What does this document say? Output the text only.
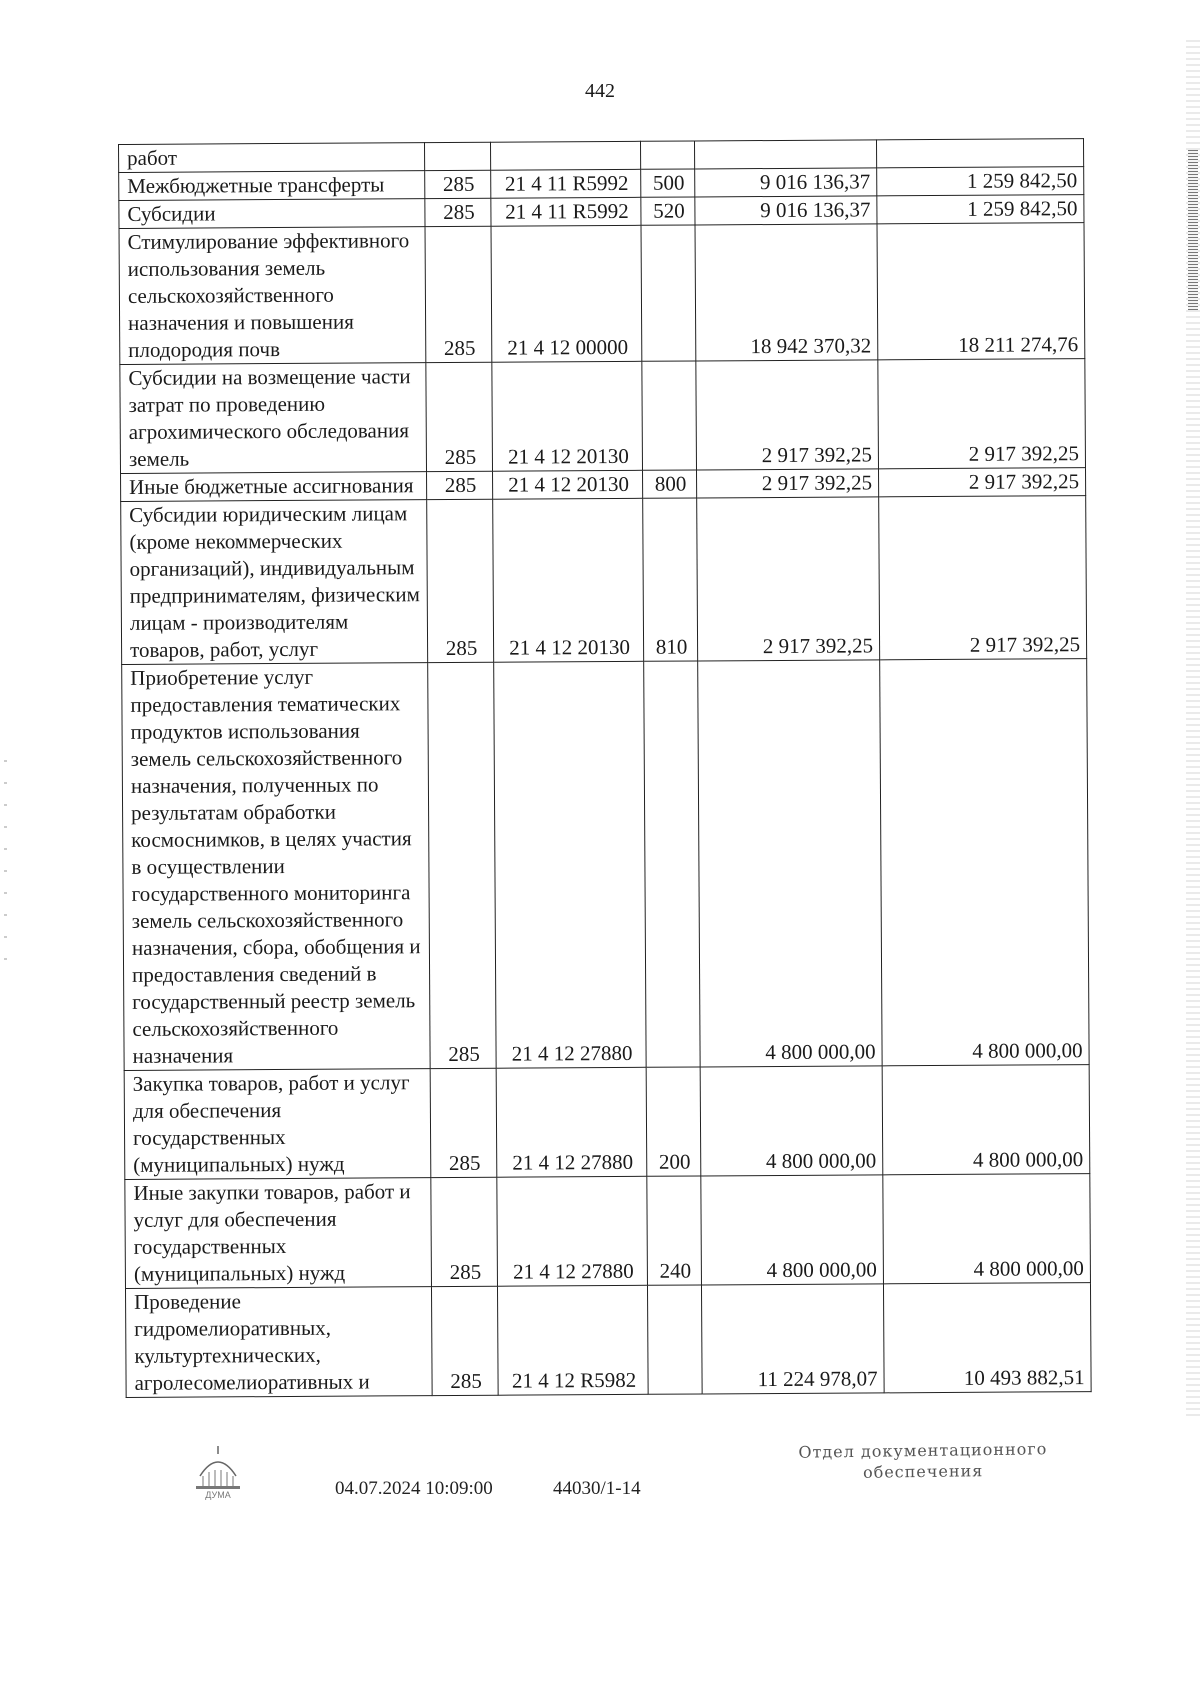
442
работ					

Межбюджетные трансферты	285	21 4 11 R5992	500	9 016 136,37	1 259 842,50

Субсидии	285	21 4 11 R5992	520	9 016 136,37	1 259 842,50

Стимулирование эффективного использования земель сельскохозяйственного назначения и повышения плодородия почв	285	21 4 12 00000		18 942 370,32	18 211 274,76

Субсидии на возмещение части затрат по проведению агрохимического обследования земель	285	21 4 12 20130		2 917 392,25	2 917 392,25

Иные бюджетные ассигнования	285	21 4 12 20130	800	2 917 392,25	2 917 392,25

Субсидии юридическим лицам (кроме некоммерческих организаций), индивидуальным предпринимателям, физическим лицам - производителям товаров, работ, услуг	285	21 4 12 20130	810	2 917 392,25	2 917 392,25

Приобретение услуг предоставления тематических продуктов использования земель сельскохозяйственного назначения, полученных по результатам обработки космоснимков, в целях участия в осуществлении государственного мониторинга земель сельскохозяйственного назначения, сбора, обобщения и предоставления сведений в государственный реестр земель сельскохозяйственного назначения	285	21 4 12 27880		4 800 000,00	4 800 000,00

Закупка товаров, работ и услуг для обеспечения государственных (муниципальных) нужд	285	21 4 12 27880	200	4 800 000,00	4 800 000,00

Иные закупки товаров, работ и услуг для обеспечения государственных (муниципальных) нужд	285	21 4 12 27880	240	4 800 000,00	4 800 000,00

Проведение гидромелиоративных, культуртехнических, агролесомелиоративных и	285	21 4 12 R5982		11 224 978,07	10 493 882,51
ДУМА	04.07.2024 10:09:00	44030/1-14
Отдел документационного
обеспечения
